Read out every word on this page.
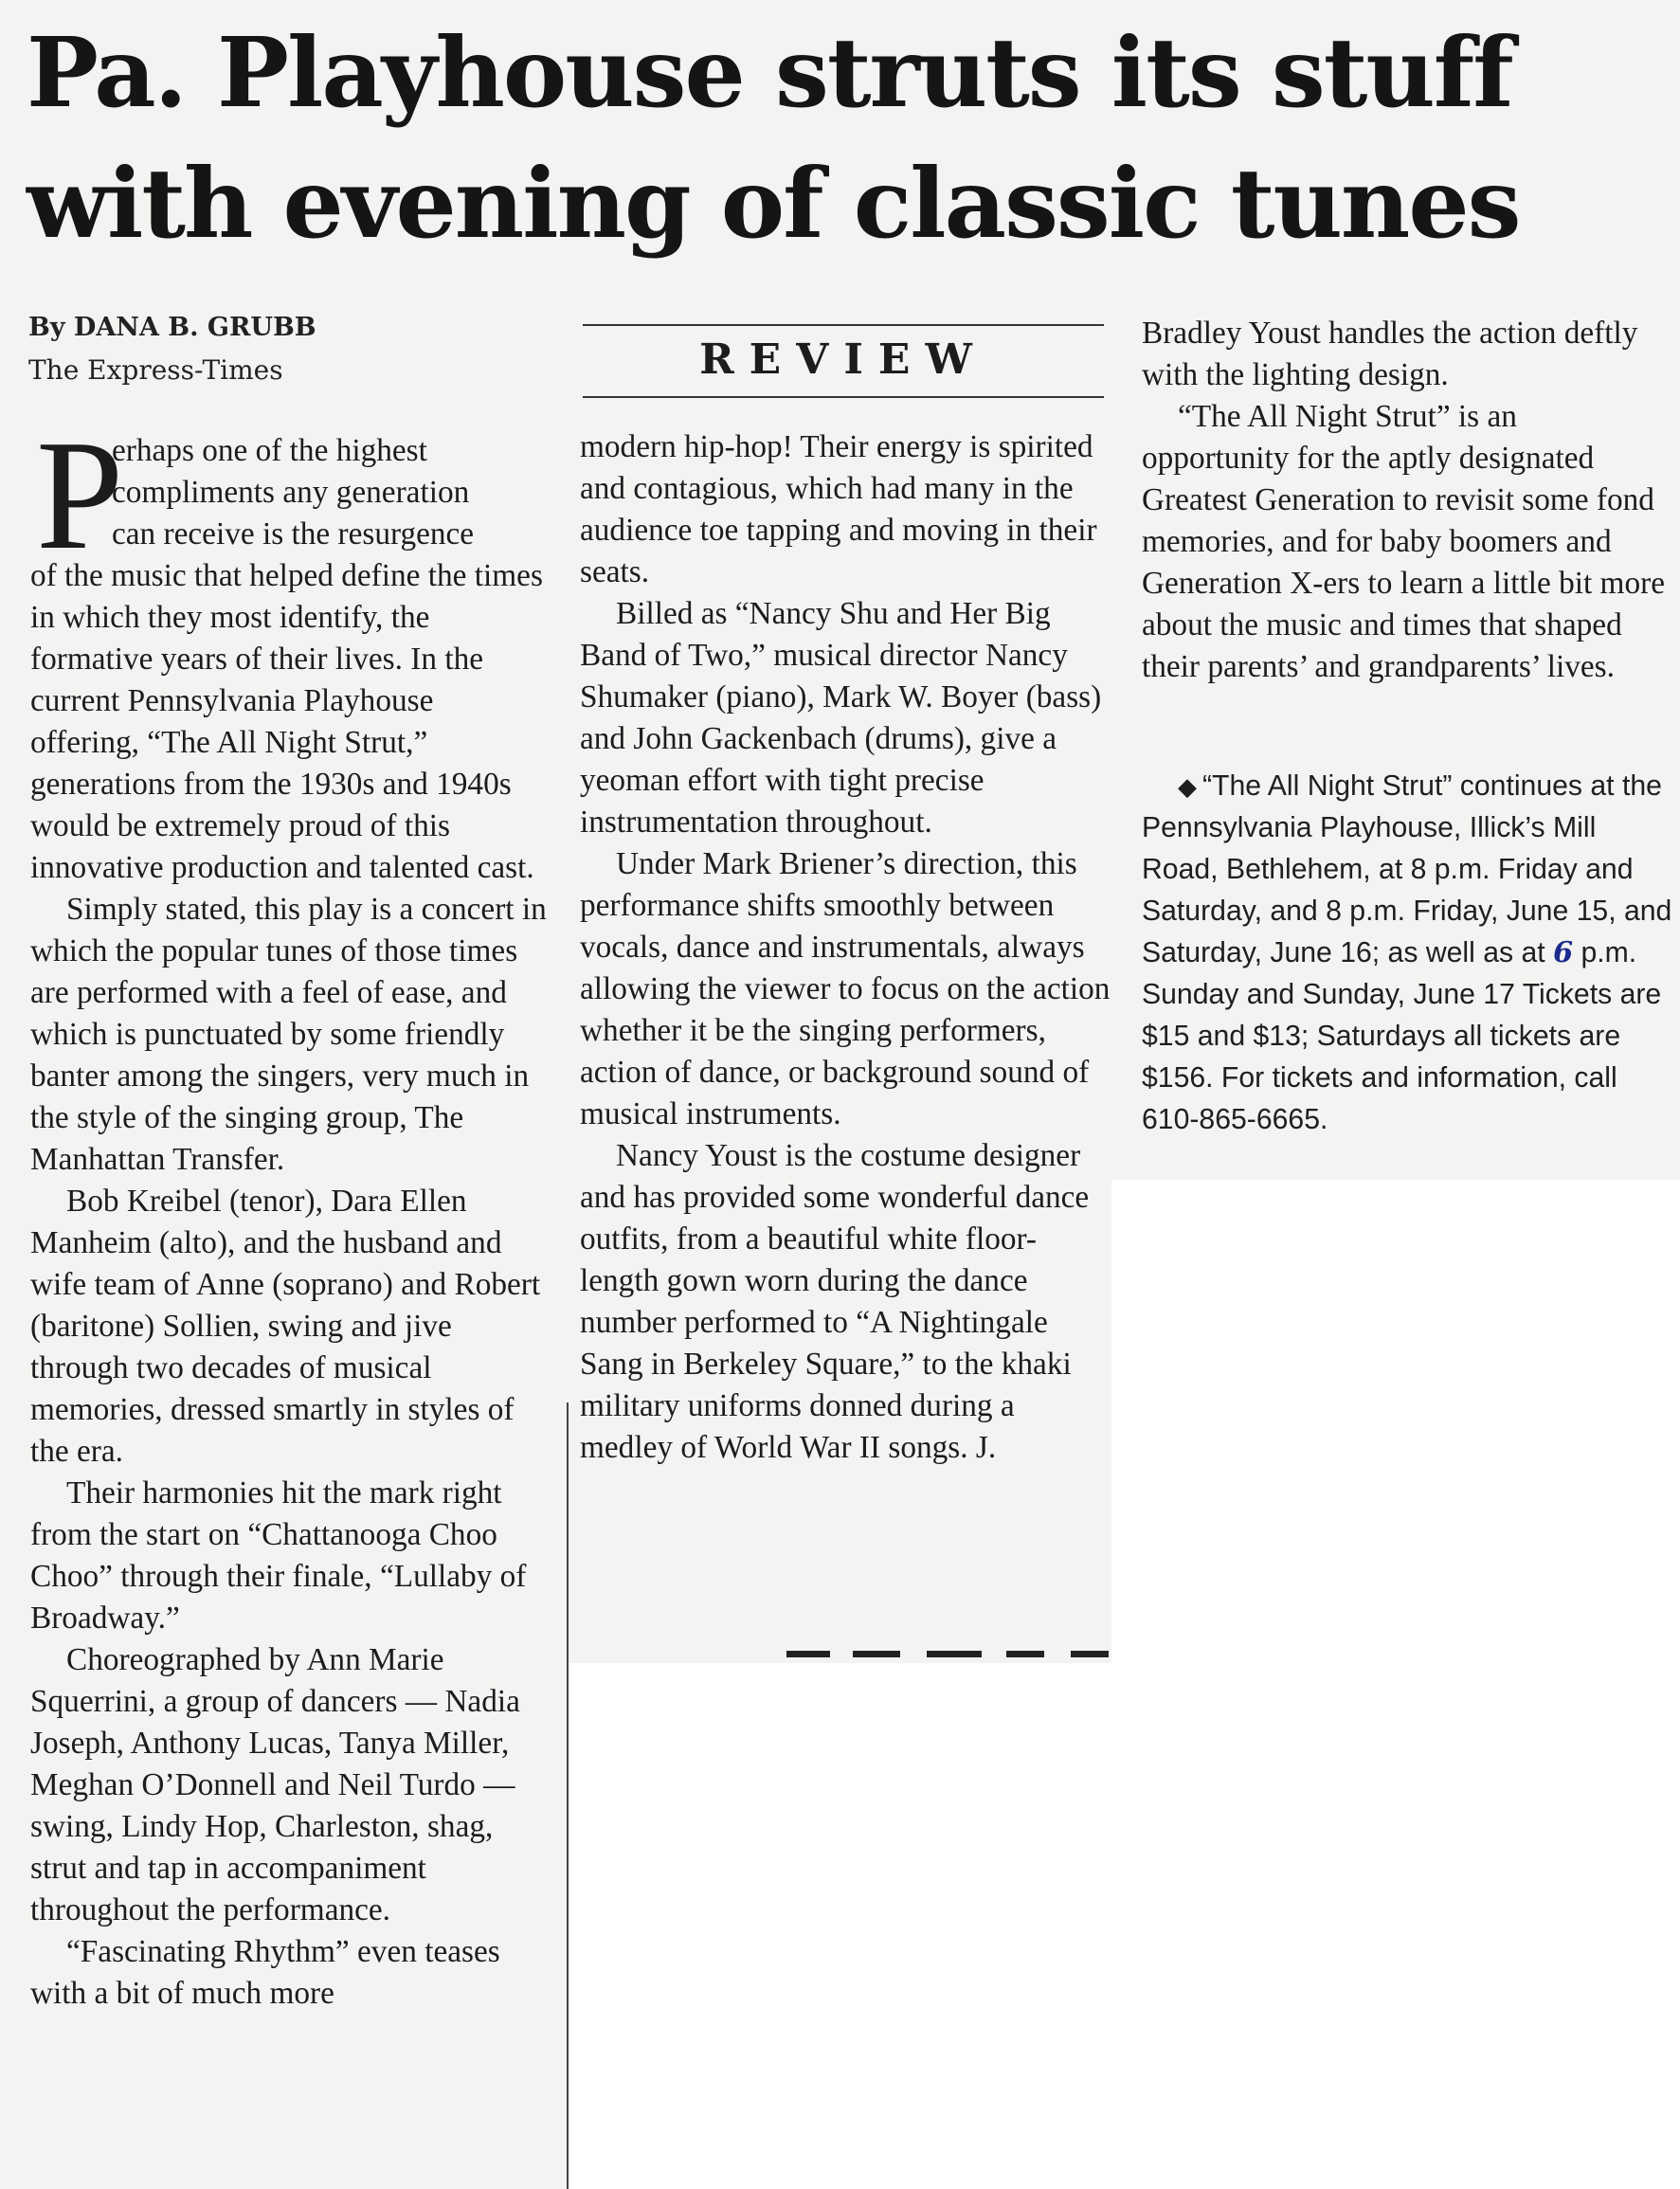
Pa. Playhouse struts its stuff
with evening of classic tunes
By DANA B. GRUBB
The Express-Times	REVIEW
P

erhaps one of the highest
compliments any generation
can receive is the resurgence
of the music that helped define the times in which they most identify, the formative years of their lives. In the current Pennsylvania Playhouse offering, “The All Night Strut,” generations from the 1930s and 1940s would be extremely proud of this innovative production and talented cast.

Simply stated, this play is a concert in which the popular tunes of those times are performed with a feel of ease, and which is punctuated by some friendly banter among the singers, very much in the style of the singing group, The Manhattan Transfer.

Bob Kreibel (tenor), Dara Ellen Manheim (alto), and the husband and wife team of Anne (soprano) and Robert (baritone) Sollien, swing and jive through two decades of musical memories, dressed smartly in styles of the era.

Their harmonies hit the mark right from the start on “Chattanooga Choo Choo” through their finale, “Lullaby of Broadway.”

Choreographed by Ann Marie Squerrini, a group of dancers — Nadia Joseph, Anthony Lucas, Tanya Miller, Meghan O’Donnell and Neil Turdo — swing, Lindy Hop, Charleston, shag, strut and tap in accompaniment throughout the performance.

“Fascinating Rhythm” even teases with a bit of much more

modern hip-hop! Their energy is spirited and contagious, which had many in the audience toe tapping and moving in their seats.

Billed as “Nancy Shu and Her Big Band of Two,” musical director Nancy Shumaker (piano), Mark W. Boyer (bass) and John Gackenbach (drums), give a yeoman effort with tight precise instrumentation throughout.

Under Mark Briener’s direction, this performance shifts smoothly between vocals, dance and instrumentals, always allowing the viewer to focus on the action whether it be the singing performers, action of dance, or background sound of musical instruments.

Nancy Youst is the costume designer and has provided some wonderful dance outfits, from a beautiful white floor-length gown worn during the dance number performed to “A Nightingale Sang in Berkeley Square,” to the khaki military uniforms donned during a medley of World War II songs. J.

Bradley Youst handles the action deftly with the lighting design.

“The All Night Strut” is an opportunity for the aptly designated Greatest Generation to revisit some fond memories, and for baby boomers and Generation X-ers to learn a little bit more about the music and times that shaped their parents’ and grandparents’ lives.

◆ “The All Night Strut” continues at the Pennsylvania Playhouse, Illick’s Mill Road, Bethlehem, at 8 p.m. Friday and Saturday, and 8 p.m. Friday, June 15, and Saturday, June 16; as well as at 6 p.m. Sunday and Sunday, June 17 Tickets are $15 and $13; Saturdays all tickets are $156. For tickets and information, call 610-865-6665.
